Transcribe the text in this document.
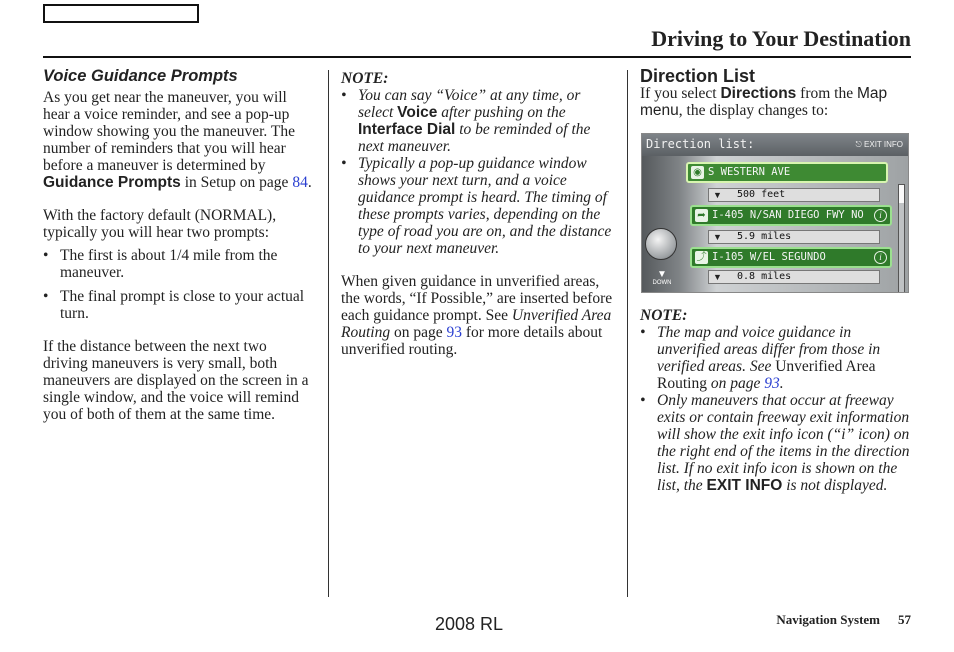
Driving to Your Destination
Voice Guidance Prompts

As you get near the maneuver, you will hear a voice reminder, and see a pop-up window showing you the maneuver. The number of reminders that you will hear before a maneuver is determined by Guidance Prompts in Setup on page 84.

With the factory default (NORMAL), typically you will hear two prompts:

• The first is about 1/4 mile from the maneuver.
• The final prompt is close to your actual turn.

If the distance between the next two driving maneuvers is very small, both maneuvers are displayed on the screen in a single window, and the voice will remind you of both of them at the same time.

NOTE:
• You can say “Voice” at any time, or select Voice after pushing on the Interface Dial to be reminded of the next maneuver.
• Typically a pop-up guidance window shows your next turn, and a voice guidance prompt is heard. The timing of these prompts varies, depending on the type of road you are on, and the distance to your next maneuver.

When given guidance in unverified areas, the words, “If Possible,” are inserted before each guidance prompt. See Unverified Area Routing on page 93 for more details about unverified routing.

Direction List

If you select Directions from the Map menu, the display changes to:

Direction list:	⎋ EXIT INFO
▼
DOWN
◉ S WESTERN AVE
▼ 500 feet
➦ I-405 N/SAN DIEGO FWY NO	i
▼ 5.9 miles
⤴ I-105 W/EL SEGUNDO	i
▼ 0.8 miles
NOTE:
• The map and voice guidance in unverified areas differ from those in verified areas. See Unverified Area Routing on page 93.
• Only maneuvers that occur at freeway exits or contain freeway exit information will show the exit info icon (“i” icon) on the right end of the items in the direction list. If no exit info icon is shown on the list, the EXIT INFO is not displayed.
Navigation System 57
2008 RL
